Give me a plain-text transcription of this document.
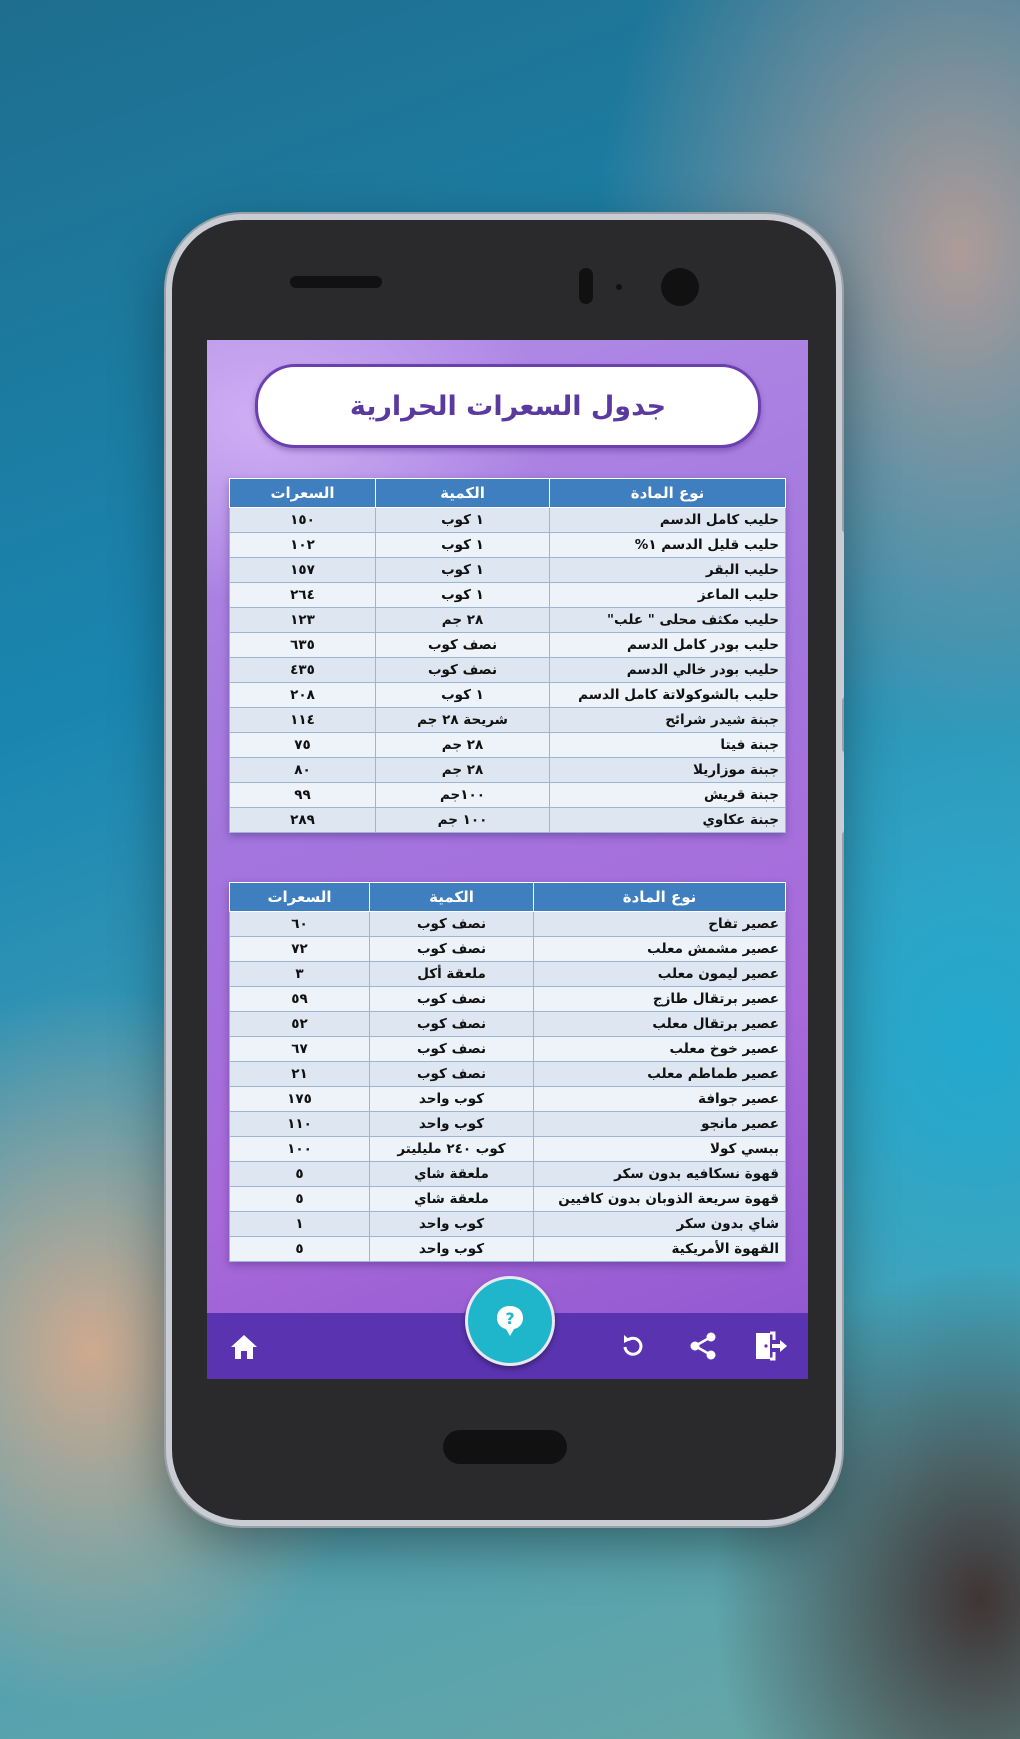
جدول السعرات الحرارية
نوع المادة	الكمية	السعرات
حليب كامل الدسم	١ كوب	١٥٠
حليب قليل الدسم ١%	١ كوب	١٠٢
حليب البقر	١ كوب	١٥٧
حليب الماعز	١ كوب	٢٦٤
حليب مكثف محلى " علب"	٢٨ جم	١٢٣
حليب بودر كامل الدسم	نصف كوب	٦٣٥
حليب بودر خالي الدسم	نصف كوب	٤٣٥
حليب بالشوكولاتة كامل الدسم	١ كوب	٢٠٨
جبنة شيدر شرائح	شريحة ٢٨ جم	١١٤
جبنة فيتا	٢٨ جم	٧٥
جبنة موزاريلا	٢٨ جم	٨٠
جبنة قريش	١٠٠جم	٩٩
جبنة عكاوي	١٠٠ جم	٢٨٩
نوع المادة	الكمية	السعرات
عصير تفاح	نصف كوب	٦٠
عصير مشمش معلب	نصف كوب	٧٢
عصير ليمون معلب	ملعقة أكل	٣
عصير برتقال طازج	نصف كوب	٥٩
عصير برتقال معلب	نصف كوب	٥٢
عصير خوخ معلب	نصف كوب	٦٧
عصير طماطم معلب	نصف كوب	٢١
عصير جوافة	كوب واحد	١٧٥
عصير مانجو	كوب واحد	١١٠
ببسي كولا	كوب ٢٤٠ مليليتر	١٠٠
قهوة نسكافيه بدون سكر	ملعقة شاي	٥
قهوة سريعة الذوبان بدون كافيين	ملعقة شاي	٥
شاي بدون سكر	كوب واحد	١
القهوة الأمريكية	كوب واحد	٥
?
